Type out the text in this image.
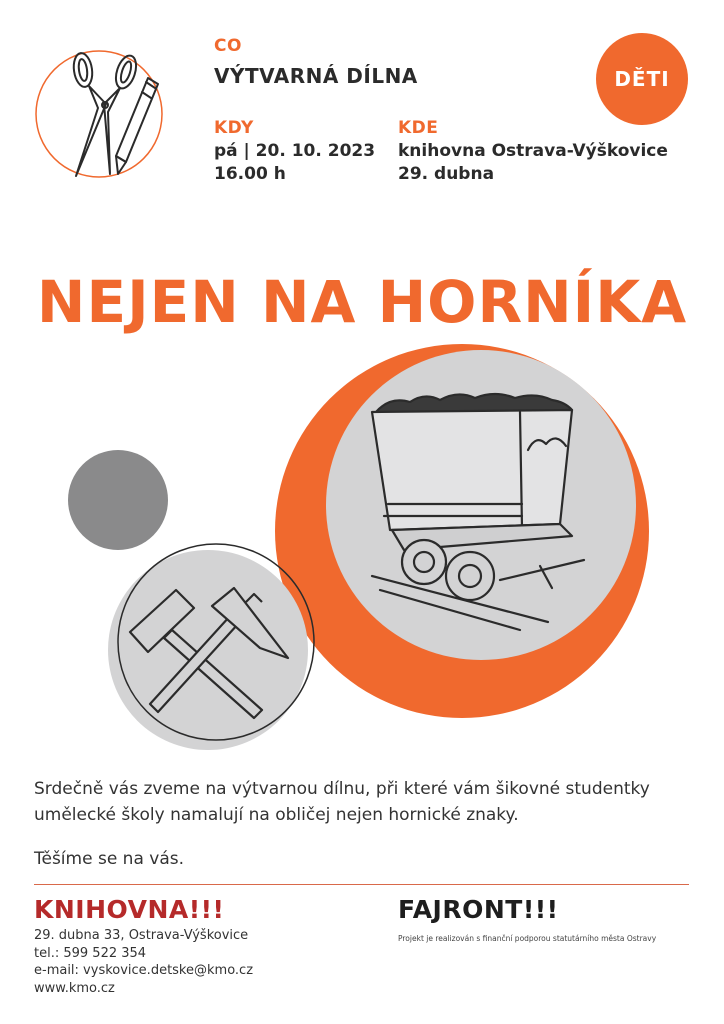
CO
VÝTVARNÁ DÍLNA
KDY
pá | 20. 10. 2023
16.00 h
KDE
knihovna Ostrava-Výškovice
29. dubna
DĚTI
NEJEN NA HORNÍKA

Srdečně vás zveme na výtvarnou dílnu, při které vám šikovné studentky umělecké školy namalují na obličej nejen hornické znaky.

Těšíme se na vás.

KNIHOVNA!!!
29. dubna 33, Ostrava-Výškovice
tel.: 599 522 354
e-mail: vyskovice.detske@kmo.cz
www.kmo.cz
FAJRONT!!!
Projekt je realizován s finanční podporou statutárního města Ostravy
